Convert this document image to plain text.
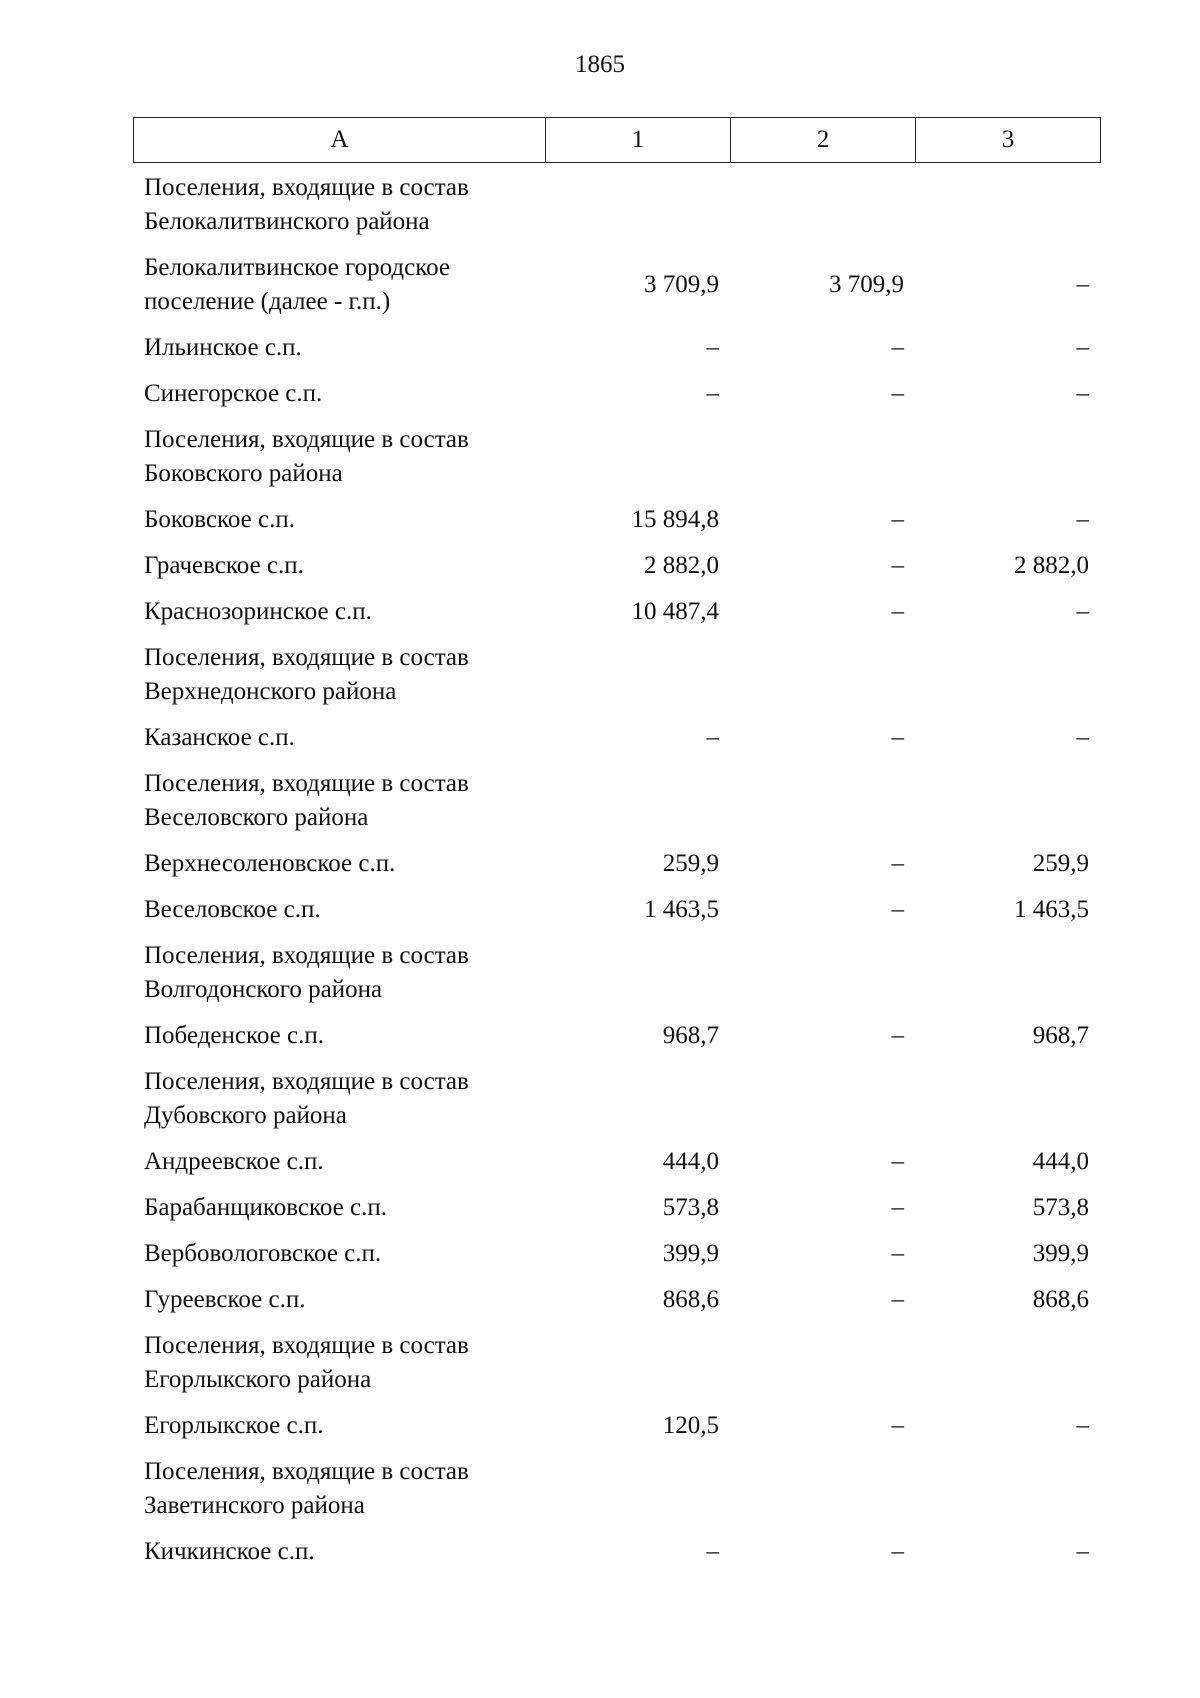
1865
А	1	2	3
Поселения, входящие в состав Белокалитвинского района			
Белокалитвинское городское поселение (далее - г.п.)	3 709,9	3 709,9	–
Ильинское с.п.	–	–	–
Синегорское с.п.	–	–	–
Поселения, входящие в состав Боковского района			
Боковское с.п.	15 894,8	–	–
Грачевское с.п.	2 882,0	–	2 882,0
Краснозоринское с.п.	10 487,4	–	–
Поселения, входящие в состав Верхнедонского района			
Казанское с.п.	–	–	–
Поселения, входящие в состав Веселовского района			
Верхнесоленовское с.п.	259,9	–	259,9
Веселовское с.п.	1 463,5	–	1 463,5
Поселения, входящие в состав Волгодонского района			
Победенское с.п.	968,7	–	968,7
Поселения, входящие в состав Дубовского района			
Андреевское с.п.	444,0	–	444,0
Барабанщиковское с.п.	573,8	–	573,8
Вербовологовское с.п.	399,9	–	399,9
Гуреевское с.п.	868,6	–	868,6
Поселения, входящие в состав Егорлыкского района			
Егорлыкское с.п.	120,5	–	–
Поселения, входящие в состав Заветинского района			
Кичкинское с.п.	–	–	–
